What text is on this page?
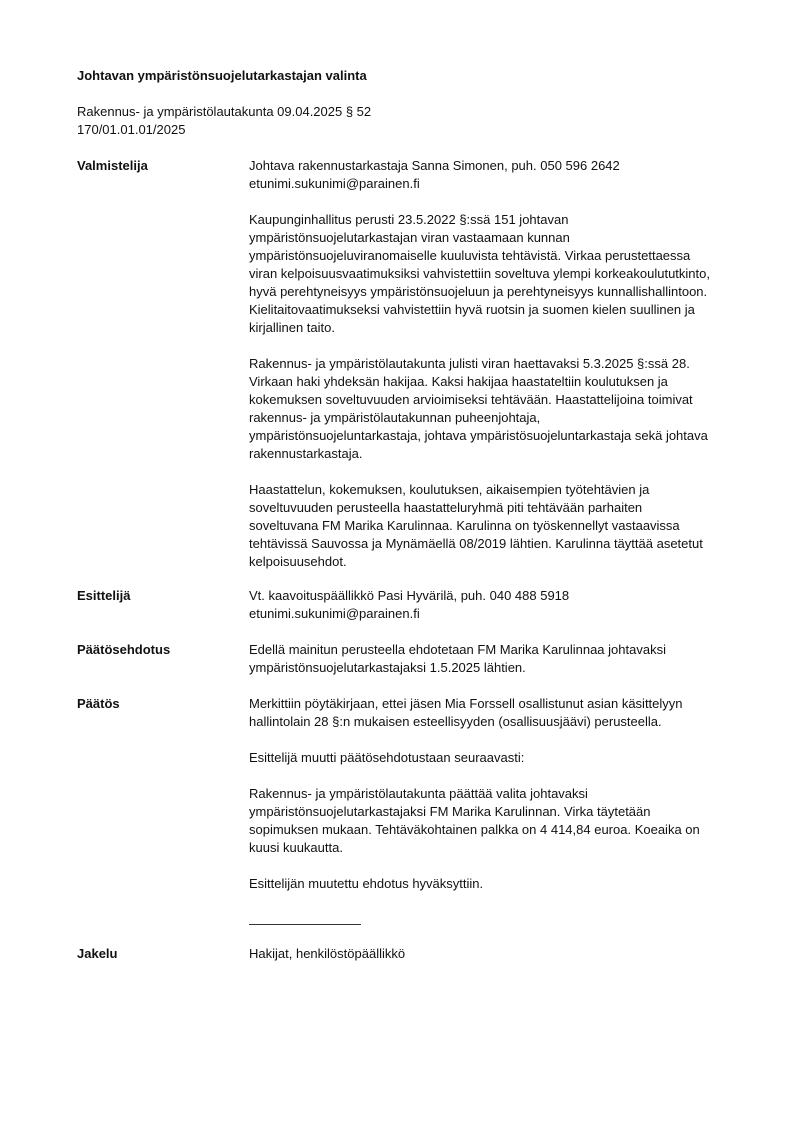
Johtavan ympäristönsuojelutarkastajan valinta
Rakennus- ja ympäristölautakunta 09.04.2025 § 52
170/01.01.01/2025
Valmistelija	Johtava rakennustarkastaja Sanna Simonen, puh. 050 596 2642
etunimi.sukunimi@parainen.fi

Kaupunginhallitus perusti 23.5.2022 §:ssä 151 johtavan
ympäristönsuojelutarkastajan viran vastaamaan kunnan
ympäristönsuojeluviranomaiselle kuuluvista tehtävistä. Virkaa perustettaessa
viran kelpoisuusvaatimuksiksi vahvistettiin soveltuva ylempi korkeakoulututkinto,
hyvä perehtyneisyys ympäristönsuojeluun ja perehtyneisyys kunnallishallintoon.
Kielitaitovaatimukseksi vahvistettiin hyvä ruotsin ja suomen kielen suullinen ja
kirjallinen taito.

Rakennus- ja ympäristölautakunta julisti viran haettavaksi 5.3.2025 §:ssä 28.
Virkaan haki yhdeksän hakijaa. Kaksi hakijaa haastateltiin koulutuksen ja
kokemuksen soveltuvuuden arvioimiseksi tehtävään. Haastattelijoina toimivat
rakennus- ja ympäristölautakunnan puheenjohtaja,
ympäristönsuojeluntarkastaja, johtava ympäristösuojeluntarkastaja sekä johtava
rakennustarkastaja.

Haastattelun, kokemuksen, koulutuksen, aikaisempien työtehtävien ja
soveltuvuuden perusteella haastatteluryhmä piti tehtävään parhaiten
soveltuvana FM Marika Karulinnaa. Karulinna on työskennellyt vastaavissa
tehtävissä Sauvossa ja Mynämäellä 08/2019 lähtien. Karulinna täyttää asetetut
kelpoisuusehdot.

Esittelijä	Vt. kaavoituspäällikkö Pasi Hyvärilä, puh. 040 488 5918
etunimi.sukunimi@parainen.fi

Päätösehdotus	Edellä mainitun perusteella ehdotetaan FM Marika Karulinnaa johtavaksi
ympäristönsuojelutarkastajaksi 1.5.2025 lähtien.

Päätös	Merkittiin pöytäkirjaan, ettei jäsen Mia Forssell osallistunut asian käsittelyyn
hallintolain 28 §:n mukaisen esteellisyyden (osallisuusjäävi) perusteella.

Esittelijä muutti päätösehdotustaan seuraavasti:

Rakennus- ja ympäristölautakunta päättää valita johtavaksi
ympäristönsuojelutarkastajaksi FM Marika Karulinnan. Virka täytetään
sopimuksen mukaan. Tehtäväkohtainen palkka on 4 414,84 euroa. Koeaika on
kuusi kuukautta.

Esittelijän muutettu ehdotus hyväksyttiin.

Jakelu	Hakijat, henkilöstöpäällikkö
